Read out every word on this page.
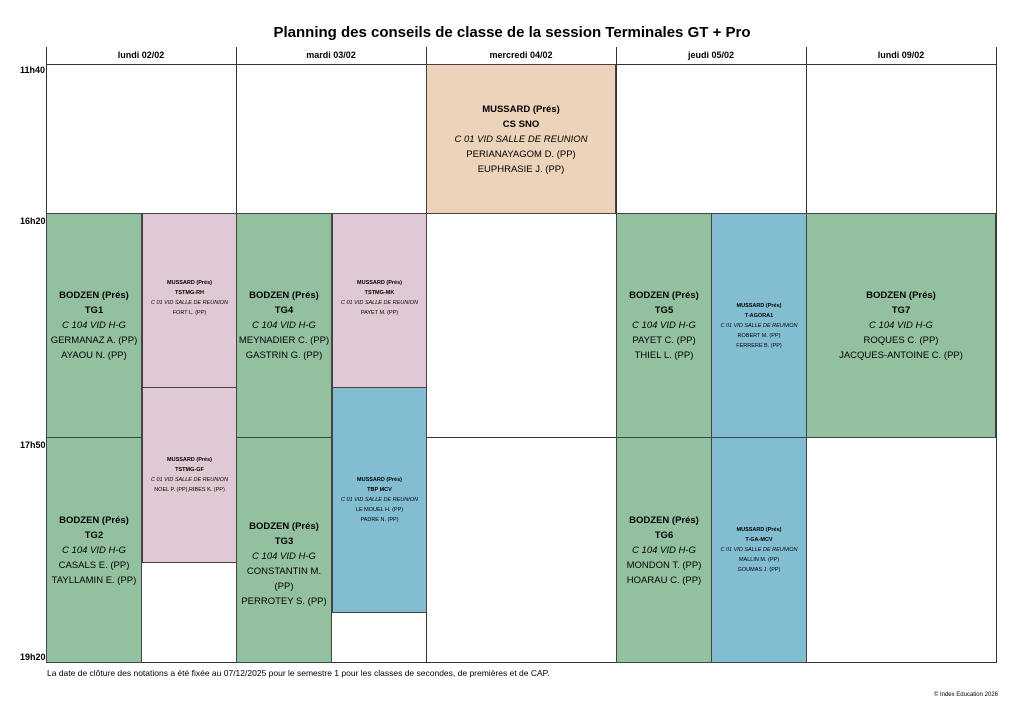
Planning des conseils de classe de la session Terminales GT + Pro
11h40
16h20
17h50
19h20
lundi 02/02	mardi 03/02	mercredi 04/02	jeudi 05/02	lundi 09/02
MUSSARD (Prés)
CS SNO
C 01 VID SALLE DE REUNION
PERIANAYAGOM D. (PP)
EUPHRASIE J. (PP)
BODZEN (Prés)
TG1
C 104 VID H-G
GERMANAZ A. (PP)
AYAOU N. (PP)
MUSSARD (Prés)
TSTMG-RH
C 01 VID SALLE DE REUNION
FORT L. (PP)
MUSSARD (Prés)
TSTMG-GF
C 01 VID SALLE DE REUNION
NOEL P. (PP),RIBES K. (PP)
BODZEN (Prés)
TG2
C 104 VID H-G
CASALS E. (PP)
TAYLLAMIN E. (PP)
BODZEN (Prés)
TG4
C 104 VID H-G
MEYNADIER C. (PP)
GASTRIN G. (PP)
MUSSARD (Prés)
TSTMG-MK
C 01 VID SALLE DE REUNION
PAYET M. (PP)
MUSSARD (Prés)
TBP MCV
C 01 VID SALLE DE REUNION
LE MOUEL H. (PP)
PADRE N. (PP)
BODZEN (Prés)
TG3
C 104 VID H-G
CONSTANTIN M. (PP)
PERROTEY S. (PP)
BODZEN (Prés)
TG5
C 104 VID H-G
PAYET C. (PP)
THIEL L. (PP)
MUSSARD (Prés)
T-AGORA1
C 01 VID SALLE DE REUNION
ROBERT M. (PP)
FERRERE B. (PP)
BODZEN (Prés)
TG6
C 104 VID H-G
MONDON T. (PP)
HOARAU C. (PP)
MUSSARD (Prés)
T-GA-MCV
C 01 VID SALLE DE REUNION
MALLIN M. (PP)
GOUMAS J. (PP)
BODZEN (Prés)
TG7
C 104 VID H-G
ROQUES C. (PP)
JACQUES-ANTOINE C. (PP)
La date de clôture des notations a été fixée au 07/12/2025 pour le semestre 1 pour les classes de secondes, de premières et de CAP.
© Index Education 2026
